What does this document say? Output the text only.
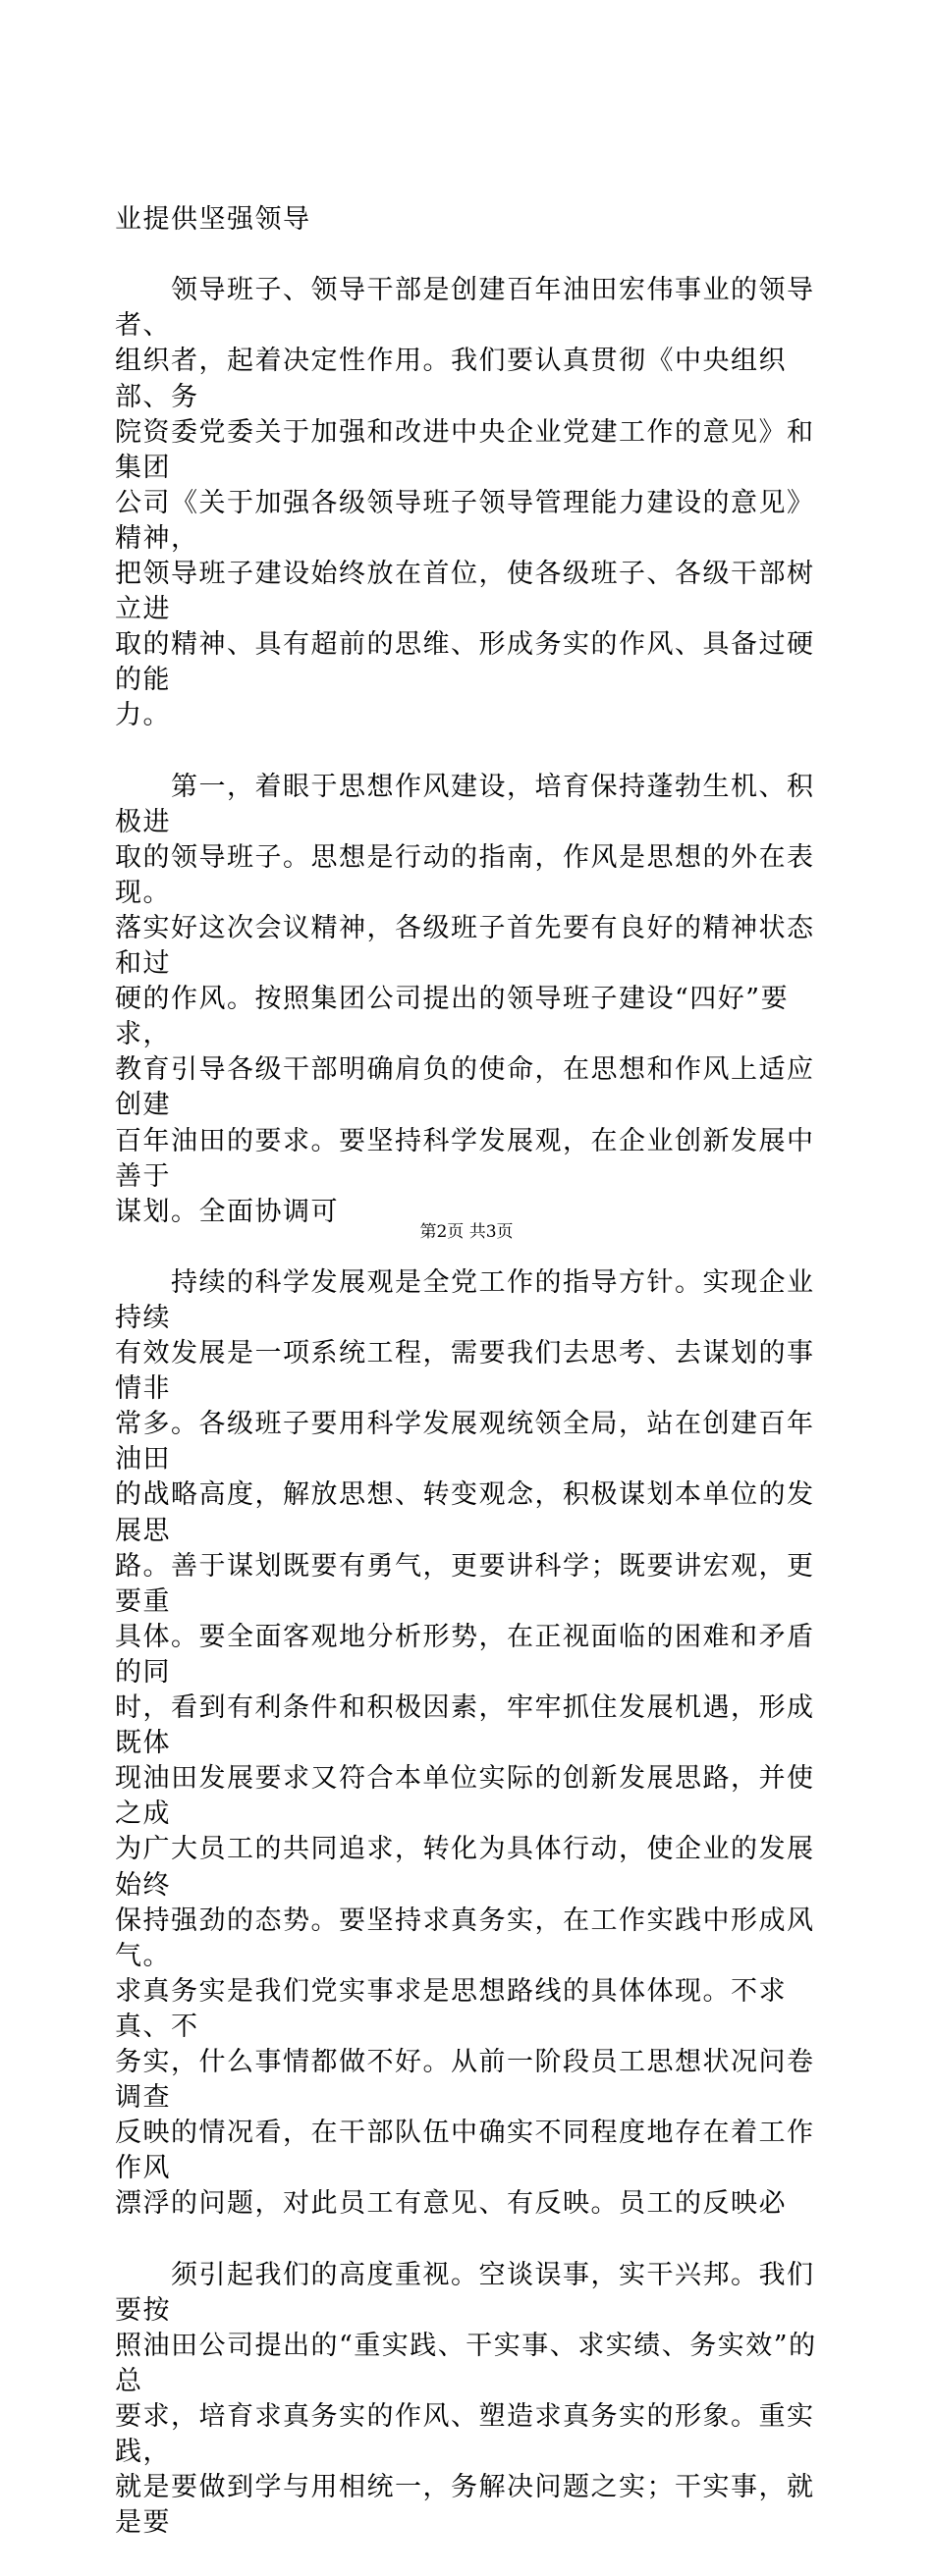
业提供坚强领导

　　领导班子、领导干部是创建百年油田宏伟事业的领导者、
组织者，起着决定性作用。我们要认真贯彻《中央组织部、务
院资委党委关于加强和改进中央企业党建工作的意见》和集团
公司《关于加强各级领导班子领导管理能力建设的意见》精神，
把领导班子建设始终放在首位，使各级班子、各级干部树立进
取的精神、具有超前的思维、形成务实的作风、具备过硬的能
力。

　　第一，着眼于思想作风建设，培育保持蓬勃生机、积极进
取的领导班子。思想是行动的指南，作风是思想的外在表现。
落实好这次会议精神，各级班子首先要有良好的精神状态和过
硬的作风。按照集团公司提出的领导班子建设“四好”要求，
教育引导各级干部明确肩负的使命，在思想和作风上适应创建
百年油田的要求。要坚持科学发展观，在企业创新发展中善于
谋划。全面协调可

　　持续的科学发展观是全党工作的指导方针。实现企业持续
有效发展是一项系统工程，需要我们去思考、去谋划的事情非
常多。各级班子要用科学发展观统领全局，站在创建百年油田
的战略高度，解放思想、转变观念，积极谋划本单位的发展思
路。善于谋划既要有勇气，更要讲科学；既要讲宏观，更要重
具体。要全面客观地分析形势，在正视面临的困难和矛盾的同
时，看到有利条件和积极因素，牢牢抓住发展机遇，形成既体
现油田发展要求又符合本单位实际的创新发展思路，并使之成
为广大员工的共同追求，转化为具体行动，使企业的发展始终
保持强劲的态势。要坚持求真务实，在工作实践中形成风气。
求真务实是我们党实事求是思想路线的具体体现。不求真、不
务实，什么事情都做不好。从前一阶段员工思想状况问卷调查
反映的情况看，在干部队伍中确实不同程度地存在着工作作风
漂浮的问题，对此员工有意见、有反映。员工的反映必

　　须引起我们的高度重视。空谈误事，实干兴邦。我们要按
照油田公司提出的“重实践、干实事、求实绩、务实效”的总
要求，培育求真务实的作风、塑造求真务实的形象。重实践，
就是要做到学与用相统一，务解决问题之实；干实事，就是要

第2页 共3页
